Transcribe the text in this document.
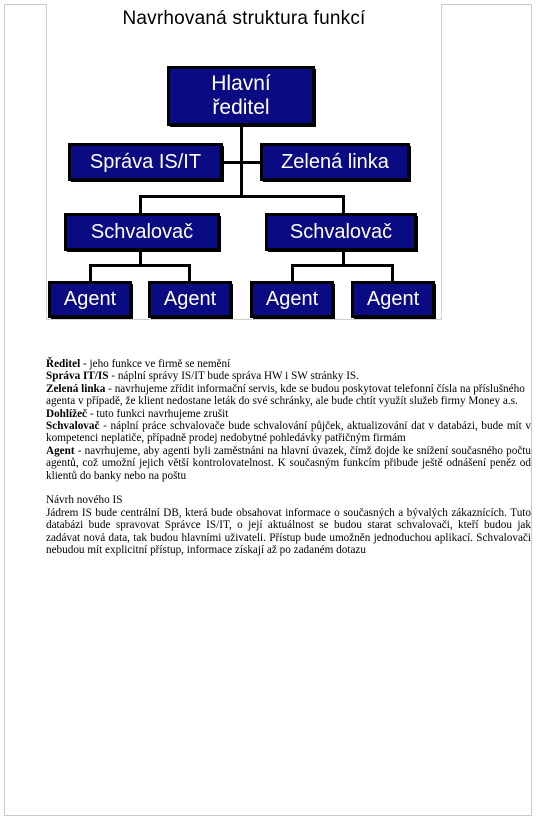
Navrhovaná struktura funkcí
Hlavní
ředitel
Správa IS/IT	Zelená linka
Schvalovač	Schvalovač
Agent Agent Agent Agent

Ředitel - jeho funkce ve firmě se nemění

Správa IT/IS - náplní správy IS/IT bude správa HW i SW stránky IS.

Zelená linka - navrhujeme zřídit informační servis, kde se budou poskytovat telefonní čísla na příslušného agenta v případě, že klient nedostane leták do své schránky, ale bude chtít využít služeb firmy Money a.s.

Dohlížeč - tuto funkci navrhujeme zrušit

Schvalovač - náplní práce schvalovače bude schvalování půjček, aktualizování dat v databázi, bude mít v kompetenci neplatiče, případně prodej nedobytné pohledávky patřičným firmám

Agent - navrhujeme, aby agenti byli zaměstnáni na hlavní úvazek, čímž dojde ke snížení současného počtu agentů, což umožní jejich větší kontrolovatelnost. K současným funkcím přibude ještě odnášení peněz od klientů do banky nebo na poštu

Návrh nového IS

Jádrem IS bude centrální DB, která bude obsahovat informace o současných a bývalých zákaznících. Tuto databázi bude spravovat Správce IS/IT, o její aktuálnost se budou starat schvalovači, kteří budou jak zadávat nová data, tak budou hlavními uživateli. Přístup bude umožněn jednoduchou aplikací. Schvalovači nebudou mít explicitní přístup, informace získají až po zadaném dotazu
